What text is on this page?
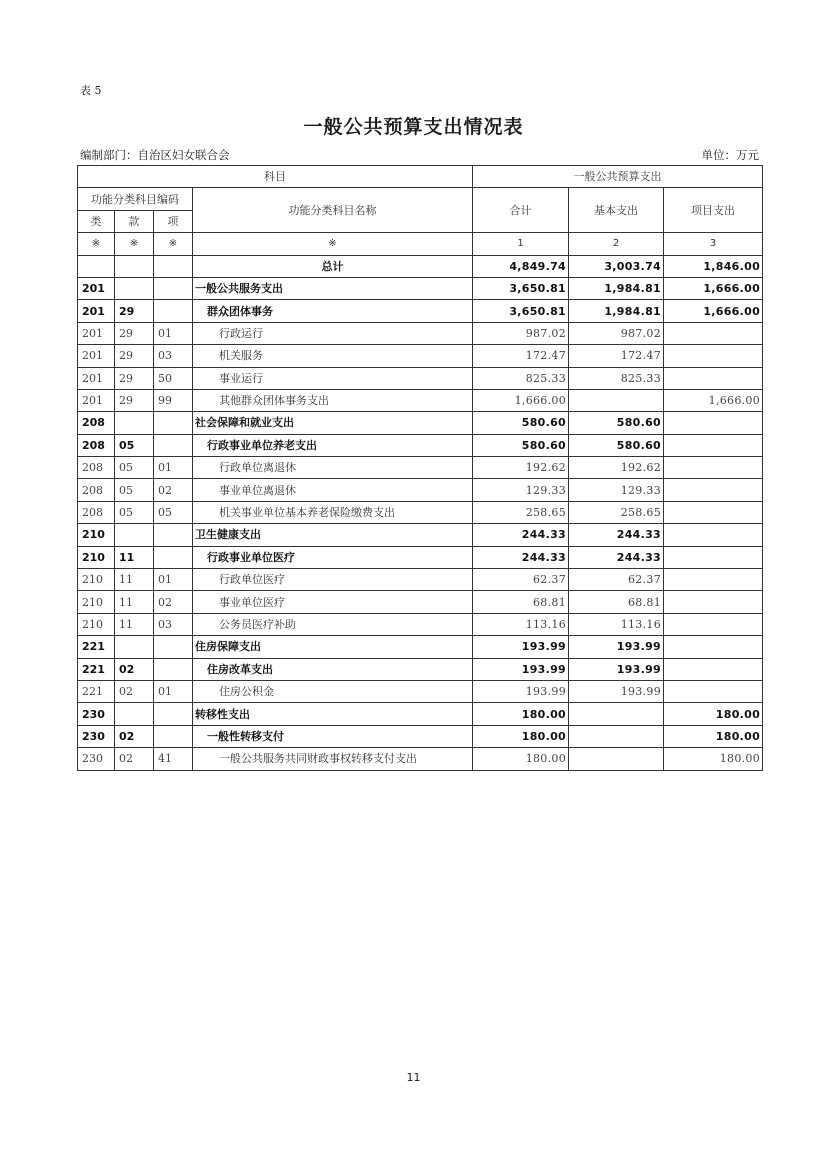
表 5
一般公共预算支出情况表
编制部门：自治区妇女联合会	单位：万元
科目				一般公共预算支出		
功能分类科目编码			功能分类科目名称	合计	基本支出	项目支出
类	款	项				
※	※	※	※	1	2	3
			总计	4,849.74	3,003.74	1,846.00
201			一般公共服务支出	3,650.81	1,984.81	1,666.00
201	29		群众团体事务	3,650.81	1,984.81	1,666.00
201	29	01	行政运行	987.02	987.02	
201	29	03	机关服务	172.47	172.47	
201	29	50	事业运行	825.33	825.33	
201	29	99	其他群众团体事务支出	1,666.00		1,666.00
208			社会保障和就业支出	580.60	580.60	
208	05		行政事业单位养老支出	580.60	580.60	
208	05	01	行政单位离退休	192.62	192.62	
208	05	02	事业单位离退休	129.33	129.33	
208	05	05	机关事业单位基本养老保险缴费支出	258.65	258.65	
210			卫生健康支出	244.33	244.33	
210	11		行政事业单位医疗	244.33	244.33	
210	11	01	行政单位医疗	62.37	62.37	
210	11	02	事业单位医疗	68.81	68.81	
210	11	03	公务员医疗补助	113.16	113.16	
221			住房保障支出	193.99	193.99	
221	02		住房改革支出	193.99	193.99	
221	02	01	住房公积金	193.99	193.99	
230			转移性支出	180.00		180.00
230	02		一般性转移支付	180.00		180.00
230	02	41	一般公共服务共同财政事权转移支付支出	180.00		180.00
11
